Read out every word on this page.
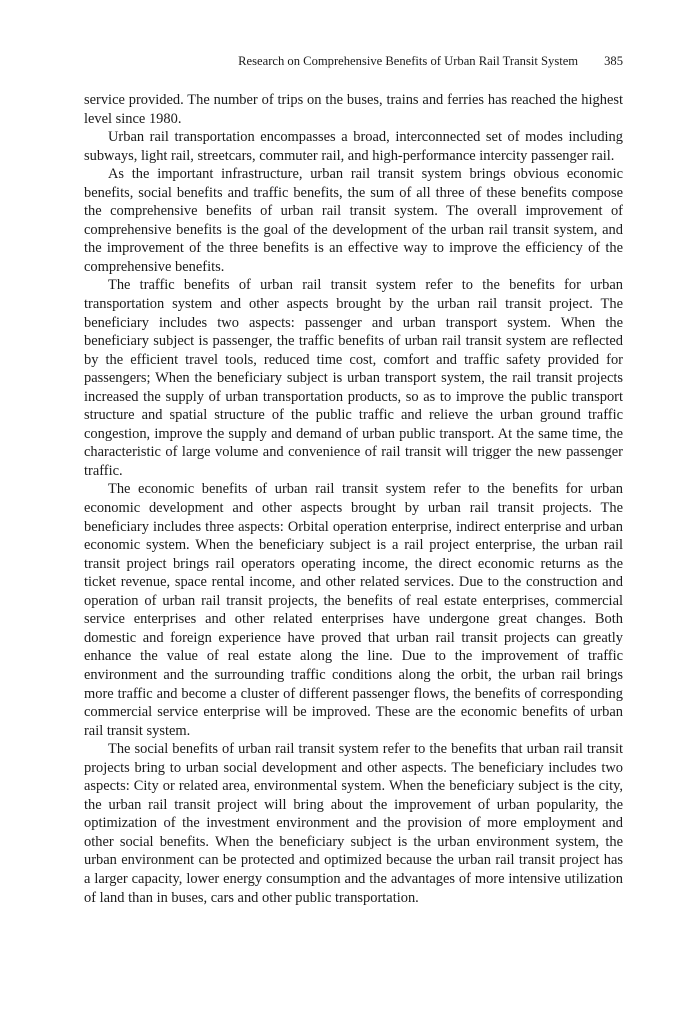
Research on Comprehensive Benefits of Urban Rail Transit System 385

service provided. The number of trips on the buses, trains and ferries has reached the highest level since 1980.

Urban rail transportation encompasses a broad, interconnected set of modes including subways, light rail, streetcars, commuter rail, and high-performance intercity passenger rail.

As the important infrastructure, urban rail transit system brings obvious economic benefits, social benefits and traffic benefits, the sum of all three of these benefits compose the comprehensive benefits of urban rail transit system. The overall improvement of comprehensive benefits is the goal of the development of the urban rail transit system, and the improvement of the three benefits is an effective way to improve the efficiency of the comprehensive benefits.

The traffic benefits of urban rail transit system refer to the benefits for urban transportation system and other aspects brought by the urban rail transit project. The beneficiary includes two aspects: passenger and urban transport system. When the beneficiary subject is passenger, the traffic benefits of urban rail transit system are reflected by the efficient travel tools, reduced time cost, comfort and traffic safety provided for passengers; When the beneficiary subject is urban transport system, the rail transit projects increased the supply of urban transportation products, so as to improve the public transport structure and spatial structure of the public traffic and relieve the urban ground traffic congestion, improve the supply and demand of urban public transport. At the same time, the characteristic of large volume and convenience of rail transit will trigger the new passenger traffic.

The economic benefits of urban rail transit system refer to the benefits for urban economic development and other aspects brought by urban rail transit projects. The beneficiary includes three aspects: Orbital operation enterprise, indirect enterprise and urban economic system. When the beneficiary subject is a rail project enterprise, the urban rail transit project brings rail operators operating income, the direct economic returns as the ticket revenue, space rental income, and other related services. Due to the construction and operation of urban rail transit projects, the benefits of real estate enterprises, commercial service enterprises and other related enterprises have undergone great changes. Both domestic and foreign experience have proved that urban rail transit projects can greatly enhance the value of real estate along the line. Due to the improvement of traffic environment and the surrounding traffic conditions along the orbit, the urban rail brings more traffic and become a cluster of different passenger flows, the benefits of corresponding commercial service enterprise will be improved. These are the economic benefits of urban rail transit system.

The social benefits of urban rail transit system refer to the benefits that urban rail transit projects bring to urban social development and other aspects. The beneficiary includes two aspects: City or related area, environmental system. When the beneficiary subject is the city, the urban rail transit project will bring about the improvement of urban popularity, the optimization of the investment environment and the provision of more employment and other social benefits. When the beneficiary subject is the urban environment system, the urban environment can be protected and optimized because the urban rail transit project has a larger capacity, lower energy consumption and the advantages of more intensive utilization of land than in buses, cars and other public transportation.
